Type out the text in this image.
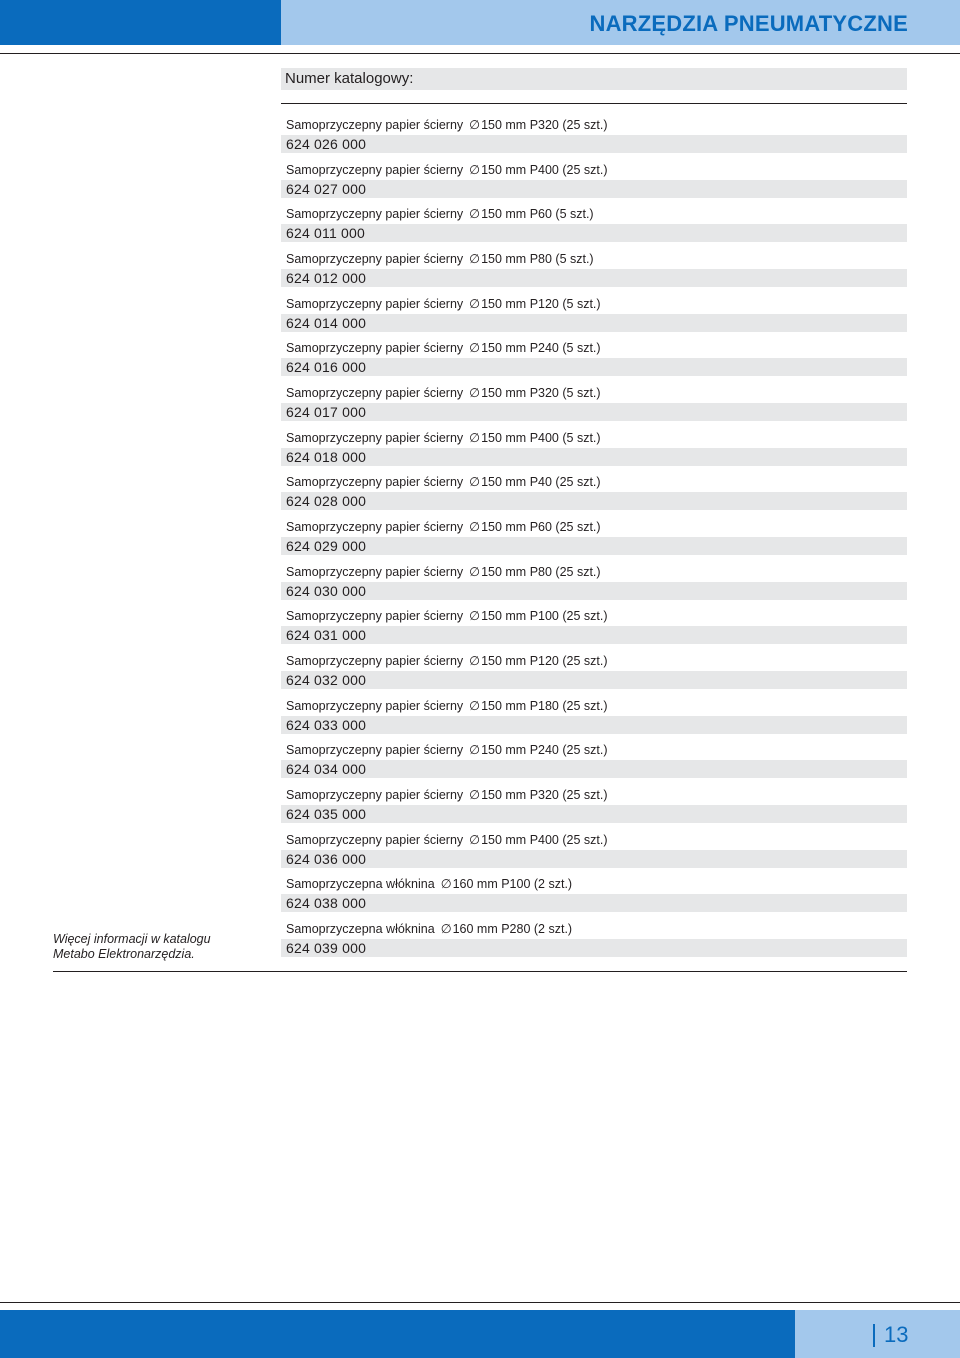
NARZĘDZIA PNEUMATYCZNE
Numer katalogowy:
Samoprzyczepny papier ścierny ∅150 mm P320 (25 szt.)
624 026 000
Samoprzyczepny papier ścierny ∅150 mm P400 (25 szt.)
624 027 000
Samoprzyczepny papier ścierny ∅150 mm P60 (5 szt.)
624 011 000
Samoprzyczepny papier ścierny ∅150 mm P80 (5 szt.)
624 012 000
Samoprzyczepny papier ścierny ∅150 mm P120 (5 szt.)
624 014 000
Samoprzyczepny papier ścierny ∅150 mm P240 (5 szt.)
624 016 000
Samoprzyczepny papier ścierny ∅150 mm P320 (5 szt.)
624 017 000
Samoprzyczepny papier ścierny ∅150 mm P400 (5 szt.)
624 018 000
Samoprzyczepny papier ścierny ∅150 mm P40 (25 szt.)
624 028 000
Samoprzyczepny papier ścierny ∅150 mm P60 (25 szt.)
624 029 000
Samoprzyczepny papier ścierny ∅150 mm P80 (25 szt.)
624 030 000
Samoprzyczepny papier ścierny ∅150 mm P100 (25 szt.)
624 031 000
Samoprzyczepny papier ścierny ∅150 mm P120 (25 szt.)
624 032 000
Samoprzyczepny papier ścierny ∅150 mm P180 (25 szt.)
624 033 000
Samoprzyczepny papier ścierny ∅150 mm P240 (25 szt.)
624 034 000
Samoprzyczepny papier ścierny ∅150 mm P320 (25 szt.)
624 035 000
Samoprzyczepny papier ścierny ∅150 mm P400 (25 szt.)
624 036 000
Samoprzyczepna włóknina ∅160 mm P100 (2 szt.)
624 038 000
Samoprzyczepna włóknina ∅160 mm P280 (2 szt.)
624 039 000
Więcej informacji w katalogu
Metabo Elektronarzędzia.
13
